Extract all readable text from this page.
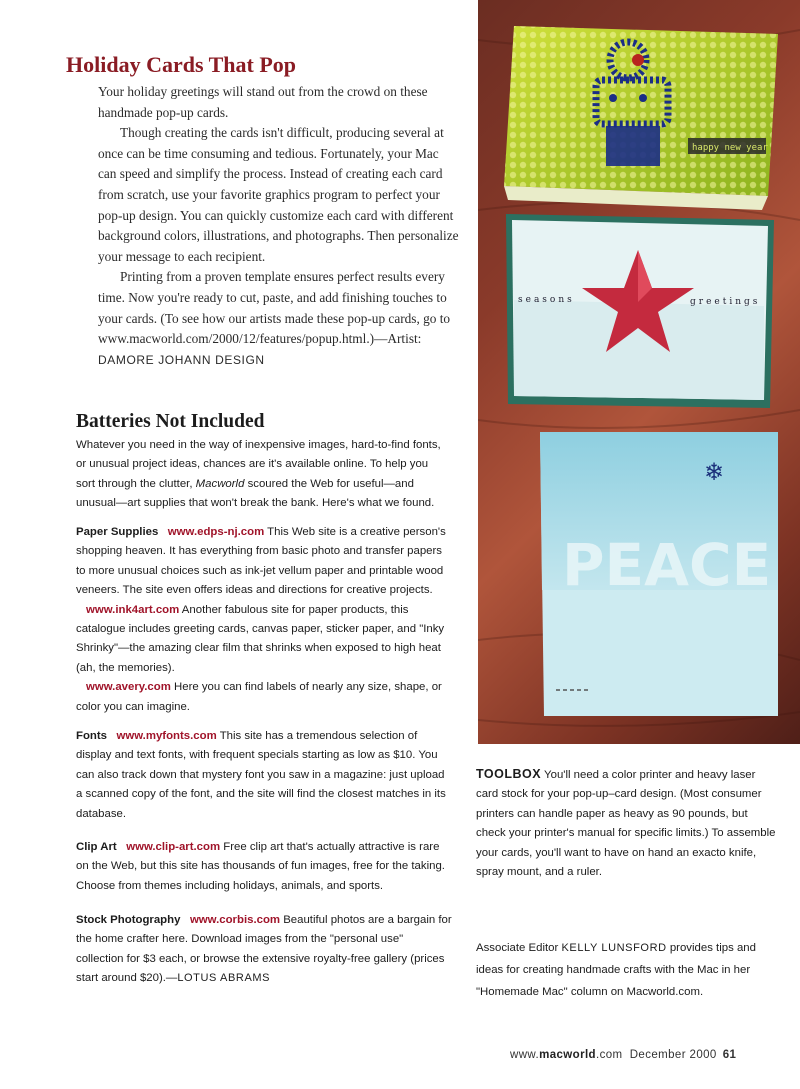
Holiday Cards That Pop

Your holiday greetings will stand out from the crowd on these handmade pop-up cards.

Though creating the cards isn't difficult, producing several at once can be time consuming and tedious. Fortunately, your Mac can speed and simplify the process. Instead of creating each card from scratch, use your favorite graphics program to perfect your pop-up design. You can quickly customize each card with different background colors, illustrations, and photographs. Then personalize your message to each recipient.

Printing from a proven template ensures perfect results every time. Now you're ready to cut, paste, and add finishing touches to your cards. (To see how our artists made these pop-up cards, go to www.macworld.com/2000/12/features/popup.html.)—Artist: DAMORE JOHANN DESIGN

Batteries Not Included
Whatever you need in the way of inexpensive images, hard-to-find fonts, or unusual project ideas, chances are it's available online. To help you sort through the clutter, Macworld scoured the Web for useful—and unusual—art supplies that won't break the bank. Here's what we found.
Paper Supplies www.edps-nj.com This Web site is a creative person's shopping heaven. It has everything from basic photo and transfer papers to more unusual choices such as ink-jet vellum paper and printable wood veneers. The site even offers ideas and directions for creative projects.
www.ink4art.com Another fabulous site for paper products, this catalogue includes greeting cards, canvas paper, sticker paper, and "Inky Shrinky"—the amazing clear film that shrinks when exposed to high heat (ah, the memories).
www.avery.com Here you can find labels of nearly any size, shape, or color you can imagine.
Fonts www.myfonts.com This site has a tremendous selection of display and text fonts, with frequent specials starting as low as $10. You can also track down that mystery font you saw in a magazine: just upload a scanned copy of the font, and the site will find the closest matches in its database.
Clip Art www.clip-art.com Free clip art that's actually attractive is rare on the Web, but this site has thousands of fun images, free for the taking. Choose from themes including holidays, animals, and sports.
Stock Photography www.corbis.com Beautiful photos are a bargain for the home crafter here. Download images from the "personal use" collection for $3 each, or browse the extensive royalty-free gallery (prices start around $20).—LOTUS ABRAMS
happy new year
seasons	greetings
❄
PEACE
TOOLBOX You'll need a color printer and heavy laser card stock for your pop-up–card design. (Most consumer printers can handle paper as heavy as 90 pounds, but check your printer's manual for specific limits.) To assemble your cards, you'll want to have on hand an exacto knife, spray mount, and a ruler.
Associate Editor KELLY LUNSFORD provides tips and ideas for creating handmade crafts with the Mac in her "Homemade Mac" column on Macworld.com.
www.macworld.com December 2000 61
